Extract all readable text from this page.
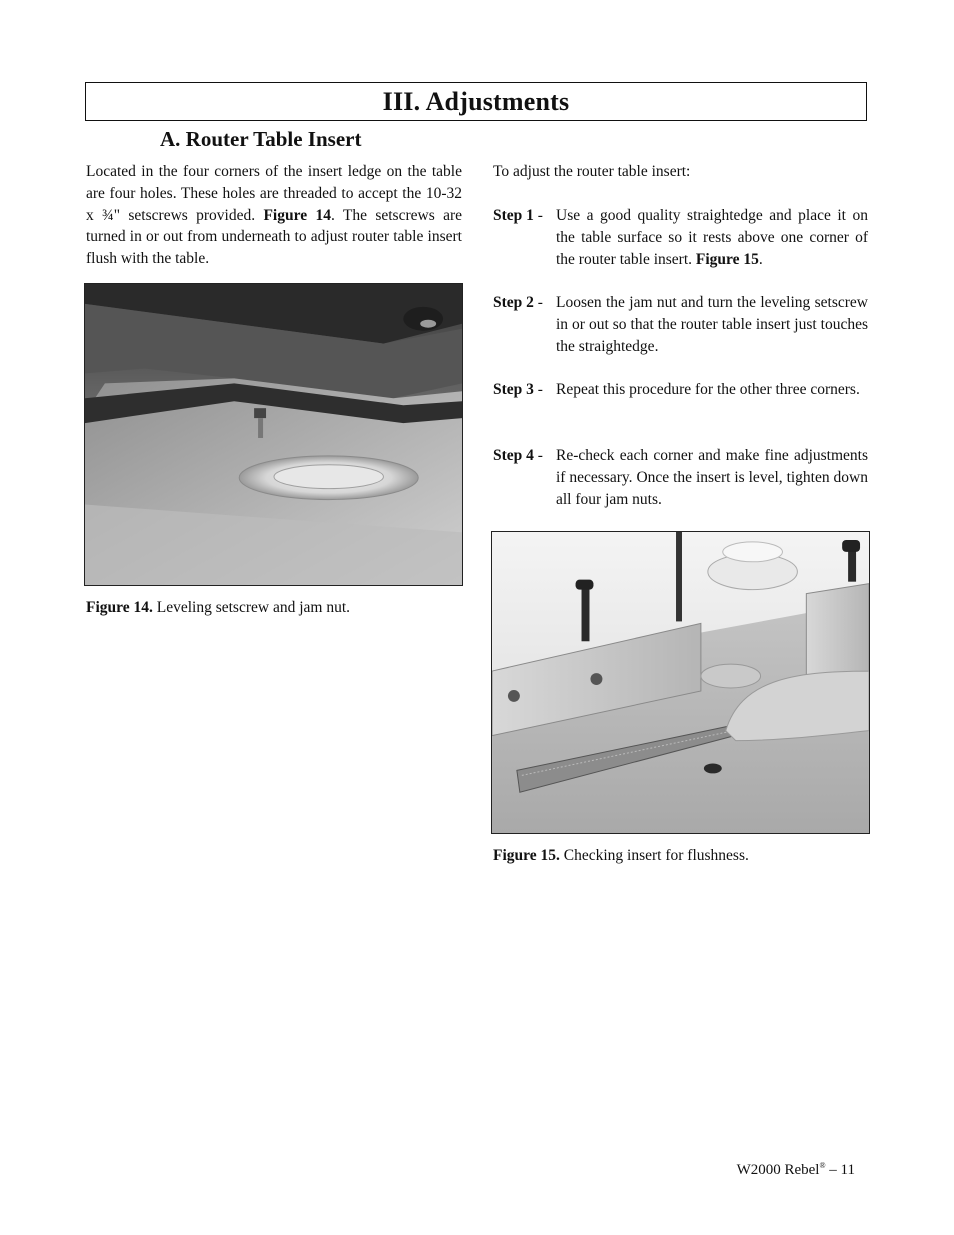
III. Adjustments
A. Router Table Insert

Located in the four corners of the insert ledge on the table are four holes. These holes are threaded to accept the 10-32 x ¾" setscrews provided. Figure 14. The setscrews are turned in or out from underneath to adjust router table insert flush with the table.

Figure 14. Leveling setscrew and jam nut.

To adjust the router table insert:

Step 1 - Use a good quality straightedge and place it on the table surface so it rests above one corner of the router table insert. Figure 15.
Step 2 - Loosen the jam nut and turn the leveling setscrew in or out so that the router table insert just touches the straightedge.
Step 3 - Repeat this procedure for the other three corners.
Step 4 - Re-check each corner and make fine adjustments if necessary. Once the insert is level, tighten down all four jam nuts.

Figure 15. Checking insert for flushness.

W2000 Rebel® – 11
